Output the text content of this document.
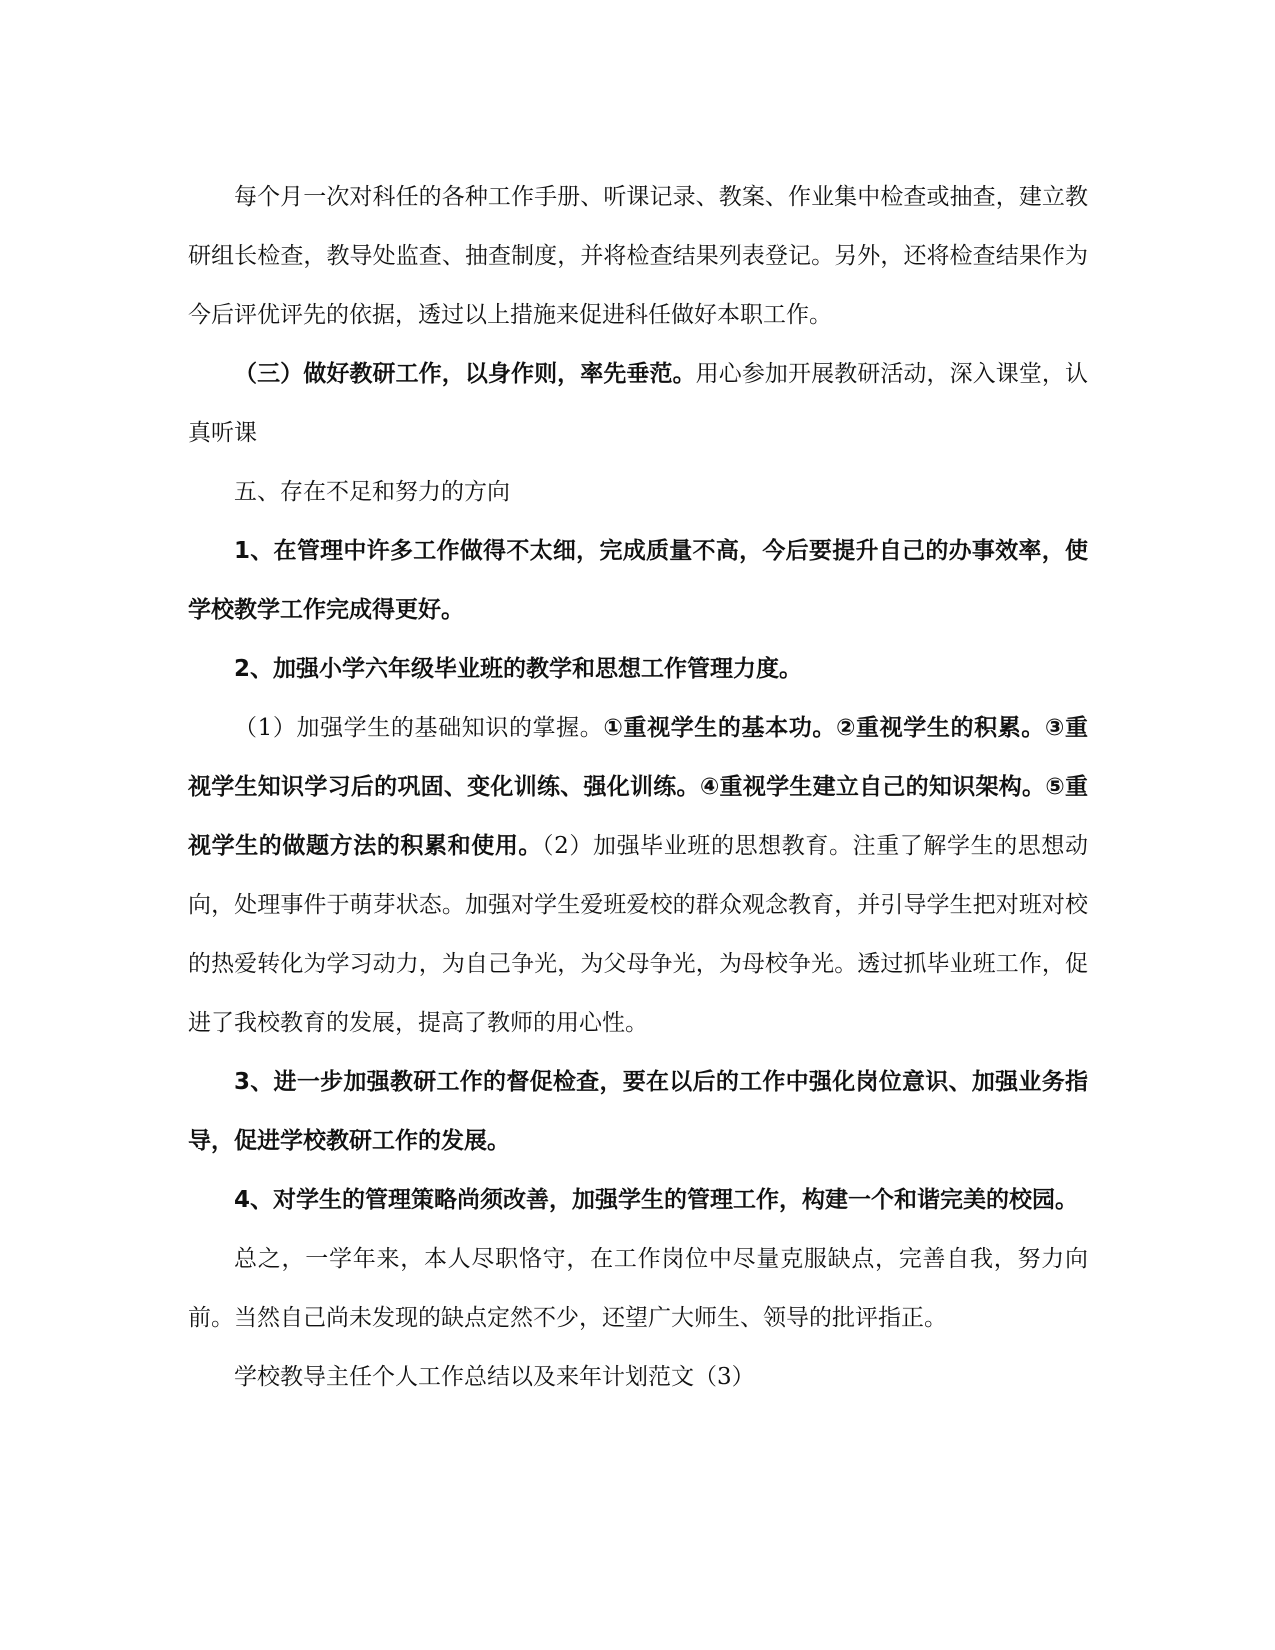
每个月一次对科任的各种工作手册、听课记录、教案、作业集中检查或抽查，建立教研组长检查，教导处监查、抽查制度，并将检查结果列表登记。另外，还将检查结果作为今后评优评先的依据，透过以上措施来促进科任做好本职工作。

（三）做好教研工作，以身作则，率先垂范。用心参加开展教研活动，深入课堂，认真听课

五、存在不足和努力的方向

1、在管理中许多工作做得不太细，完成质量不高，今后要提升自己的办事效率，使学校教学工作完成得更好。

2、加强小学六年级毕业班的教学和思想工作管理力度。

（1）加强学生的基础知识的掌握。①重视学生的基本功。②重视学生的积累。③重视学生知识学习后的巩固、变化训练、强化训练。④重视学生建立自己的知识架构。⑤重视学生的做题方法的积累和使用。（2）加强毕业班的思想教育。注重了解学生的思想动向，处理事件于萌芽状态。加强对学生爱班爱校的群众观念教育，并引导学生把对班对校的热爱转化为学习动力，为自己争光，为父母争光，为母校争光。透过抓毕业班工作，促进了我校教育的发展，提高了教师的用心性。

3、进一步加强教研工作的督促检查，要在以后的工作中强化岗位意识、加强业务指导，促进学校教研工作的发展。

4、对学生的管理策略尚须改善，加强学生的管理工作，构建一个和谐完美的校园。

总之，一学年来，本人尽职恪守，在工作岗位中尽量克服缺点，完善自我，努力向前。当然自己尚未发现的缺点定然不少，还望广大师生、领导的批评指正。

学校教导主任个人工作总结以及来年计划范文（3）
